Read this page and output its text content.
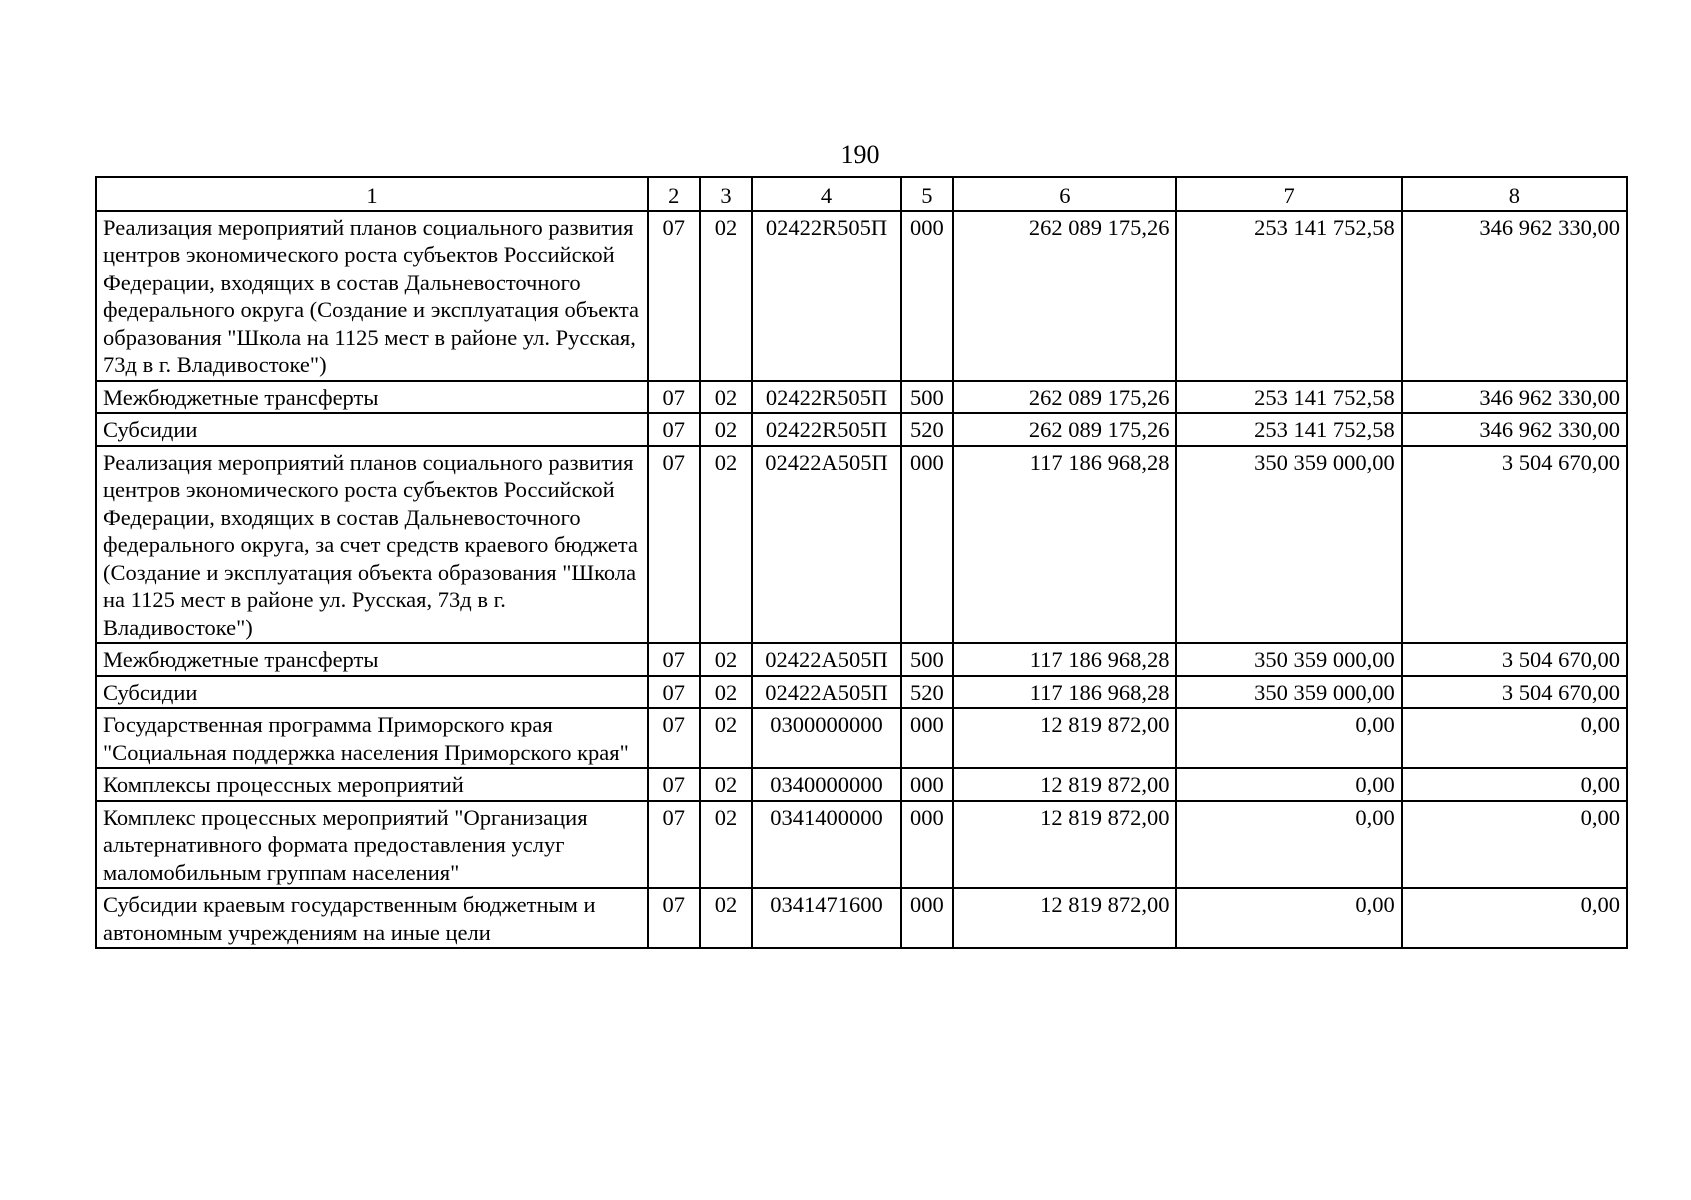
190
1	2	3	4	5	6	7	8
Реализация мероприятий планов социального развития центров экономического роста субъектов Российской Федерации, входящих в состав Дальневосточного федерального округа (Создание и эксплуатация объекта образования "Школа на 1125 мест в районе ул. Русская, 73д в г. Владивостоке")	07	02	02422R505П	000	262 089 175,26	253 141 752,58	346 962 330,00
Межбюджетные трансферты	07	02	02422R505П	500	262 089 175,26	253 141 752,58	346 962 330,00
Субсидии	07	02	02422R505П	520	262 089 175,26	253 141 752,58	346 962 330,00
Реализация мероприятий планов социального развития центров экономического роста субъектов Российской Федерации, входящих в состав Дальневосточного федерального округа, за счет средств краевого бюджета (Создание и эксплуатация объекта образования "Школа на 1125 мест в районе ул. Русская, 73д в г. Владивостоке")	07	02	02422A505П	000	117 186 968,28	350 359 000,00	3 504 670,00
Межбюджетные трансферты	07	02	02422A505П	500	117 186 968,28	350 359 000,00	3 504 670,00
Субсидии	07	02	02422A505П	520	117 186 968,28	350 359 000,00	3 504 670,00
Государственная программа Приморского края "Социальная поддержка населения Приморского края"	07	02	0300000000	000	12 819 872,00	0,00	0,00
Комплексы процессных мероприятий	07	02	0340000000	000	12 819 872,00	0,00	0,00
Комплекс процессных мероприятий "Организация альтернативного формата предоставления услуг маломобильным группам населения"	07	02	0341400000	000	12 819 872,00	0,00	0,00
Субсидии краевым государственным бюджетным и автономным учреждениям на иные цели	07	02	0341471600	000	12 819 872,00	0,00	0,00
